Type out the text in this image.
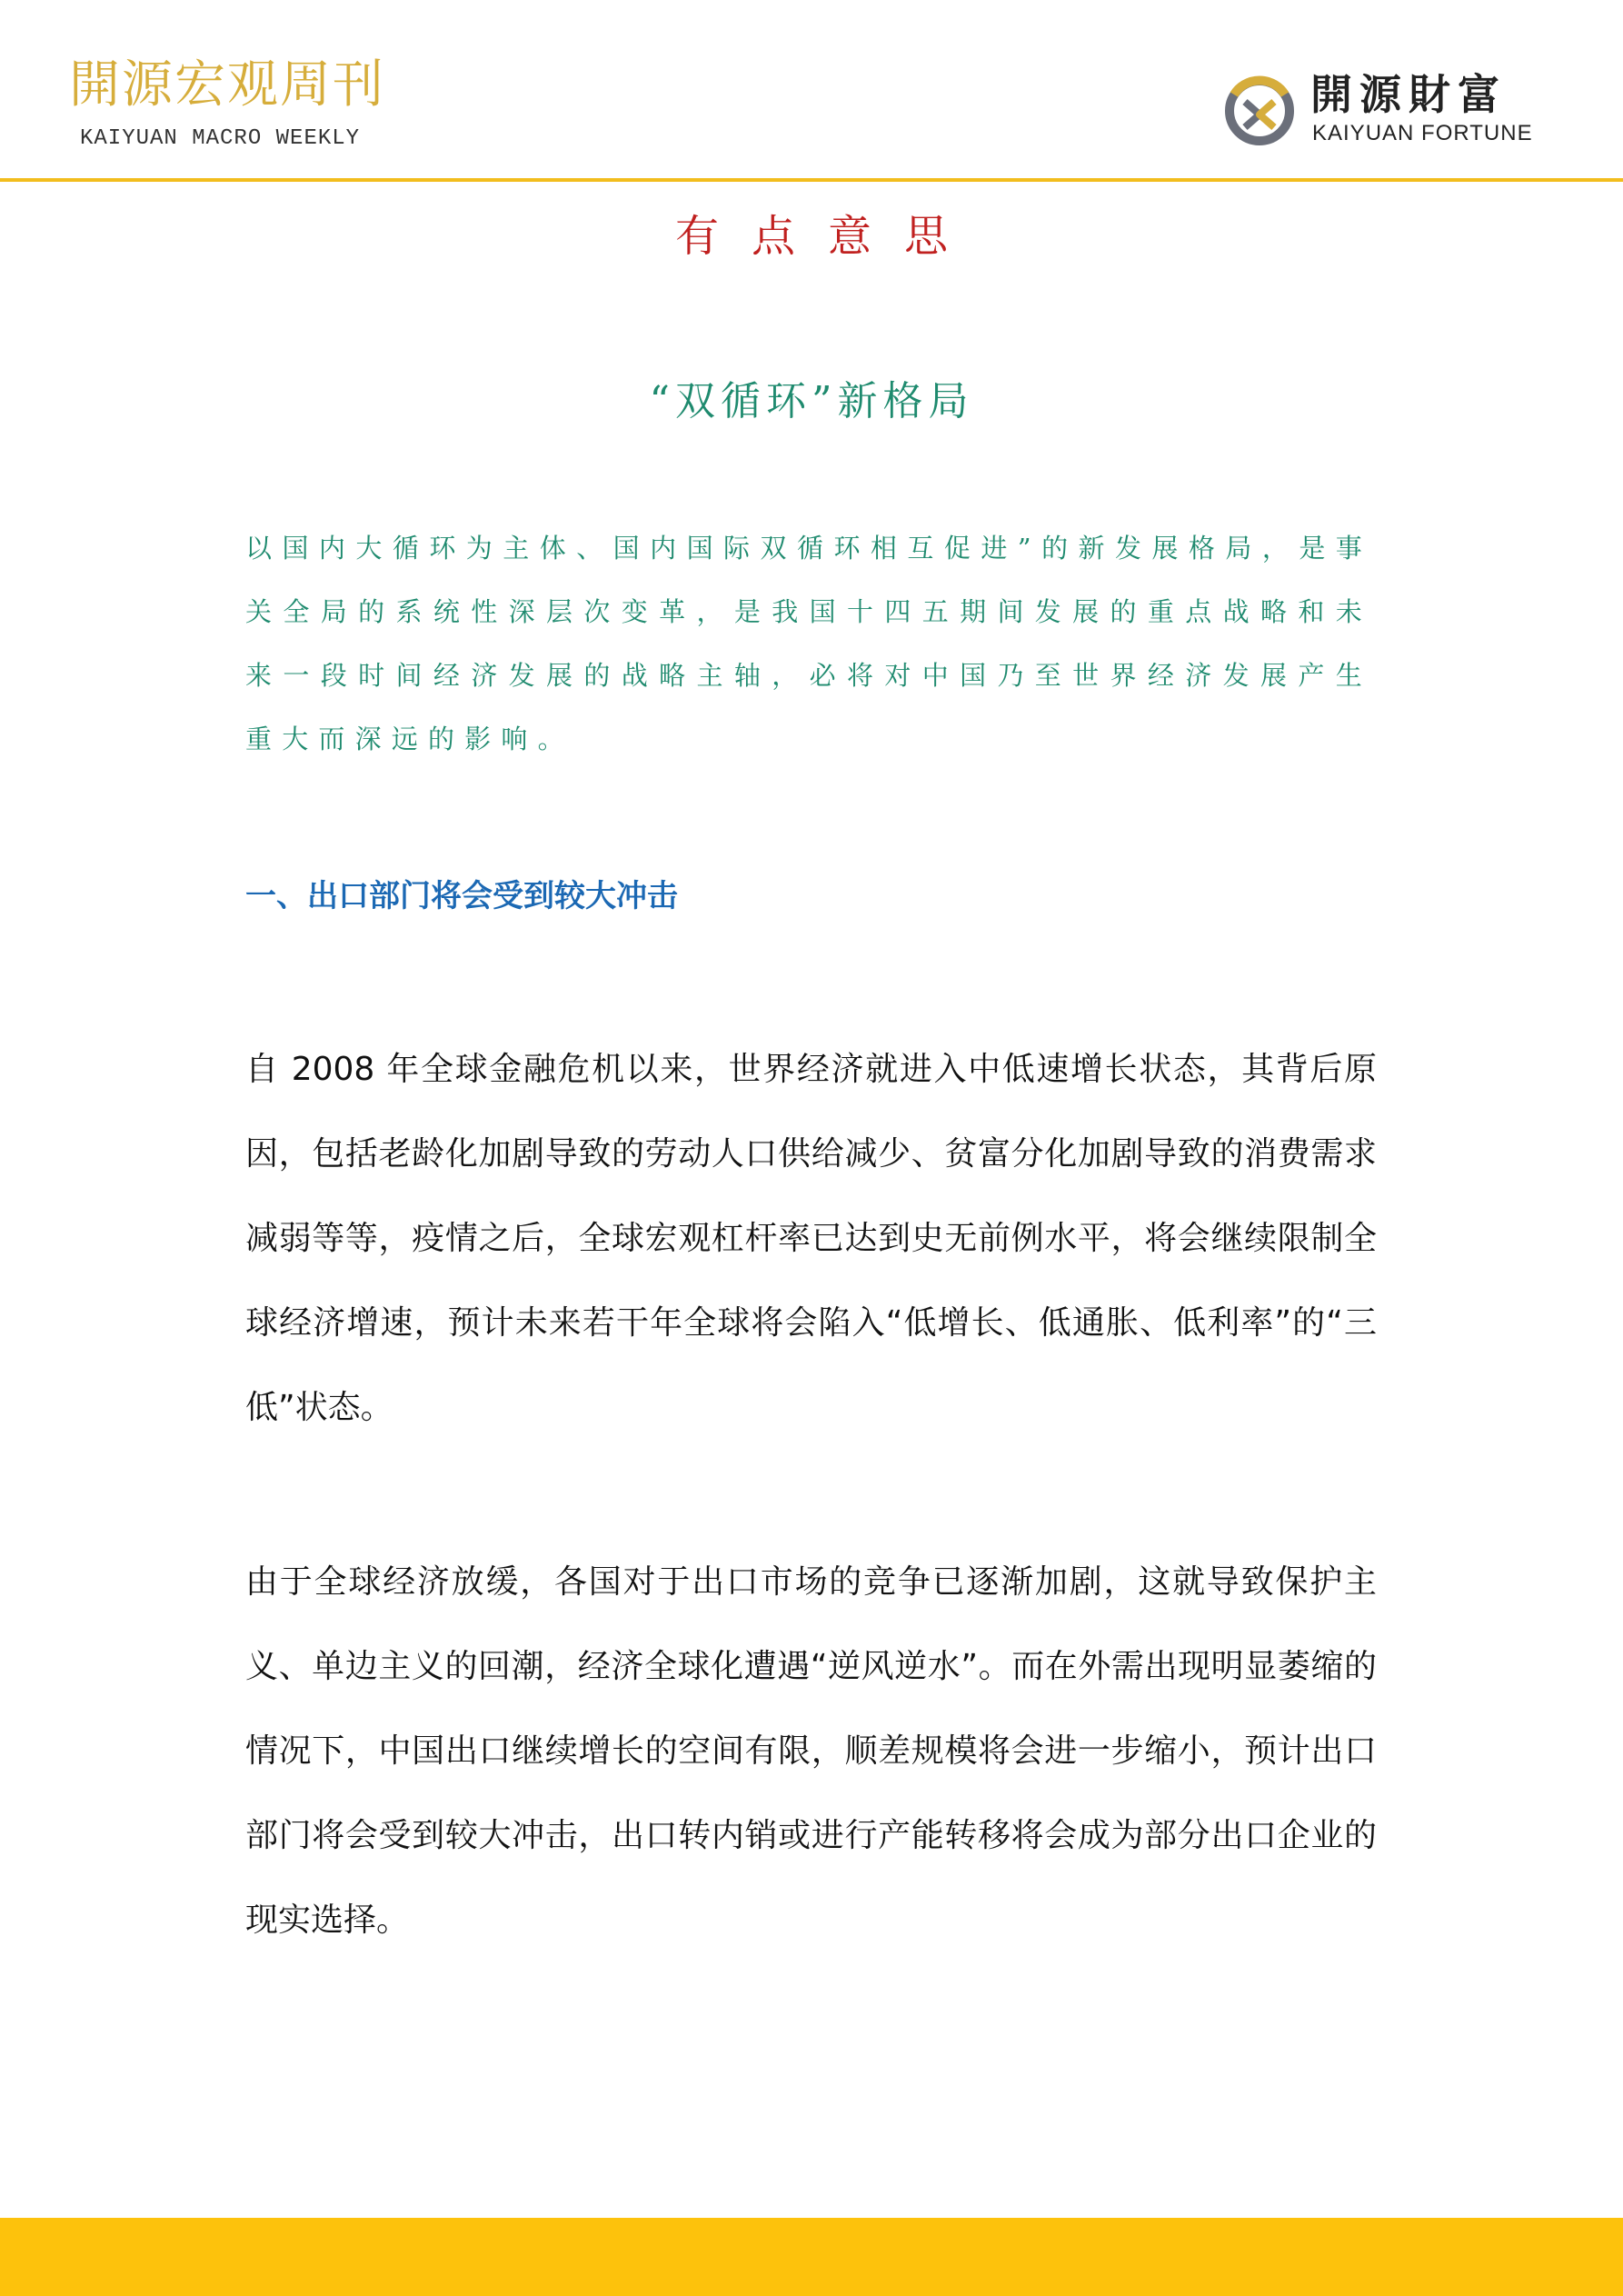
開源宏观周刊
KAIYUAN MACRO WEEKLY
開源財富
KAIYUAN FORTUNE
有点意思
“双循环”新格局

以国内大循环为主体、国内国际双循环相互促进”的新发展格局，是事关全局的系统性深层次变革，是我国十四五期间发展的重点战略和未来一段时间经济发展的战略主轴，必将对中国乃至世界经济发展产生重大而深远的影响。

一、出口部门将会受到较大冲击

自 2008 年全球金融危机以来，世界经济就进入中低速增长状态，其背后原因，包括老龄化加剧导致的劳动人口供给减少、贫富分化加剧导致的消费需求减弱等等，疫情之后，全球宏观杠杆率已达到史无前例水平，将会继续限制全球经济增速，预计未来若干年全球将会陷入“低增长、低通胀、低利率”的“三低”状态。

由于全球经济放缓，各国对于出口市场的竞争已逐渐加剧，这就导致保护主义、单边主义的回潮，经济全球化遭遇“逆风逆水”。而在外需出现明显萎缩的情况下，中国出口继续增长的空间有限，顺差规模将会进一步缩小，预计出口部门将会受到较大冲击，出口转内销或进行产能转移将会成为部分出口企业的现实选择。
